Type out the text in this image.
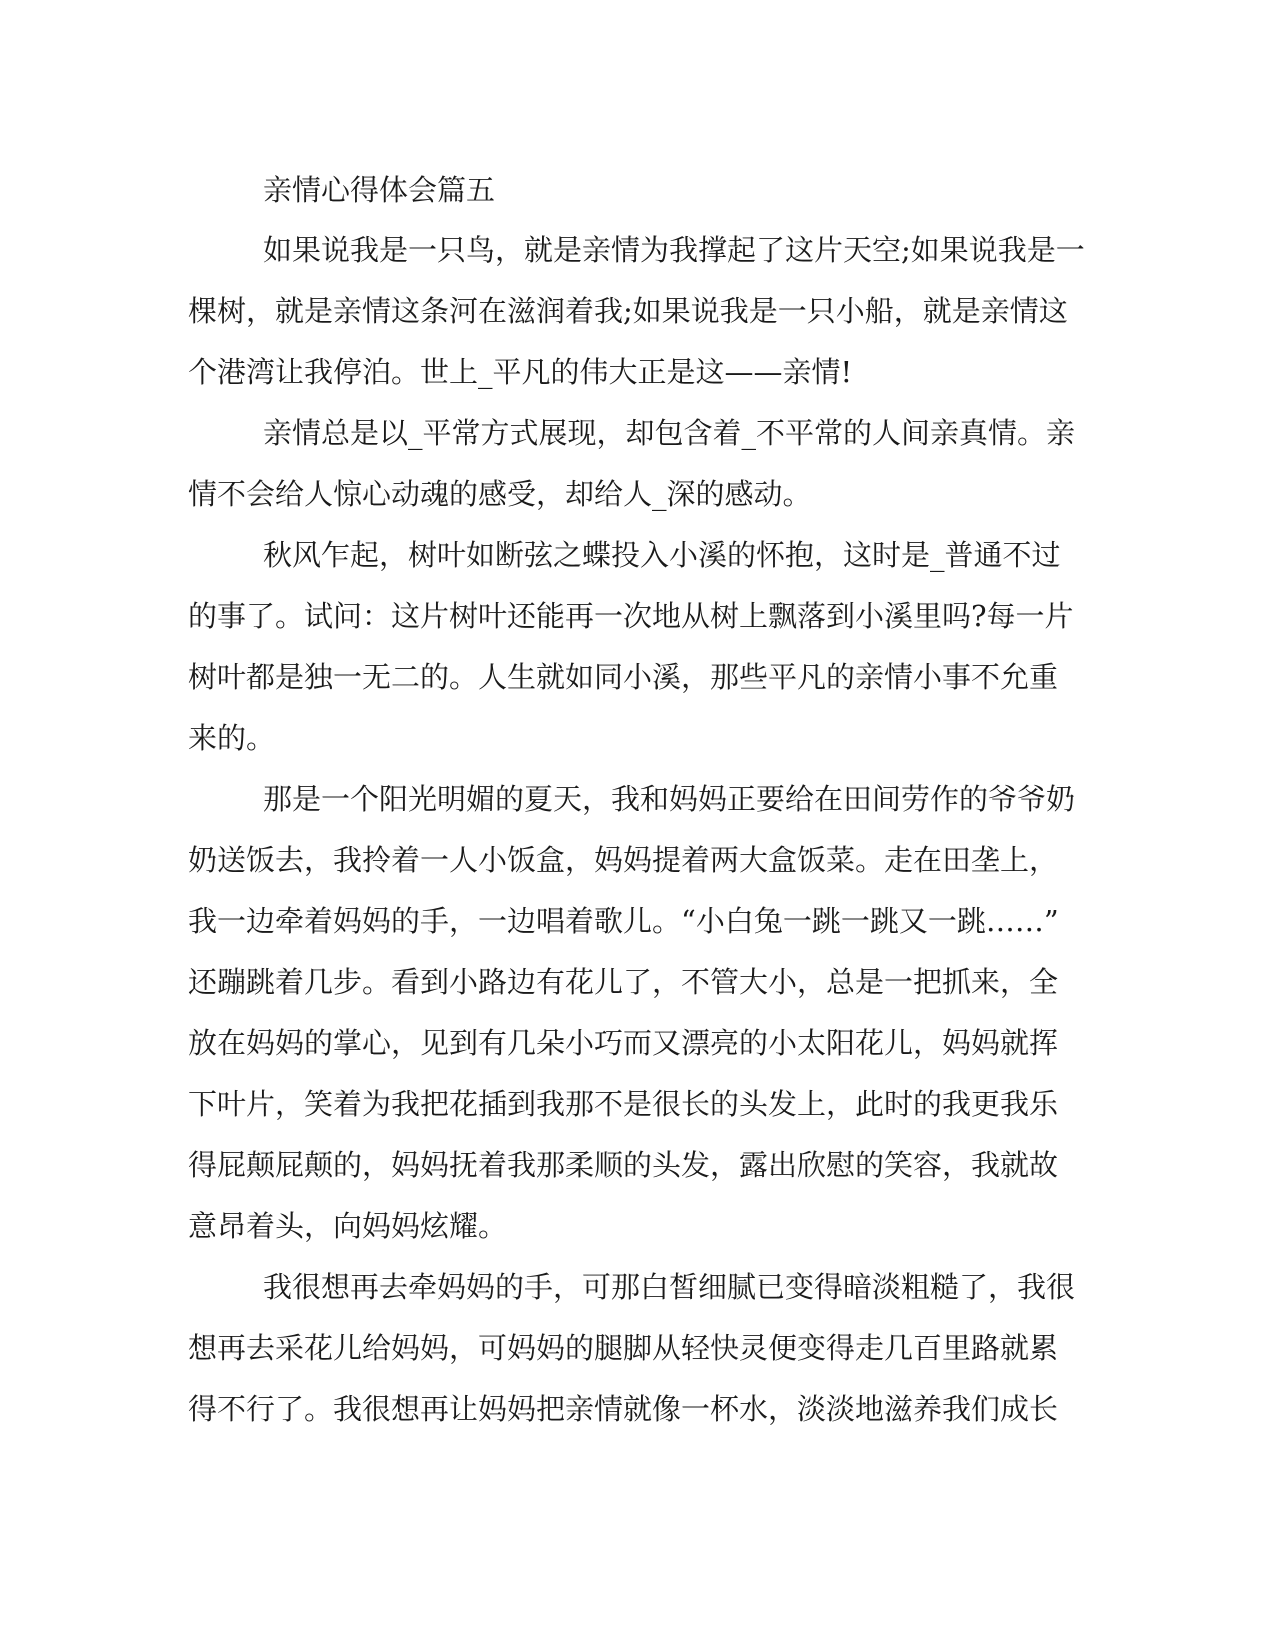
亲情心得体会篇五

如果说我是一只鸟，就是亲情为我撑起了这片天空;如果说我是一
棵树，就是亲情这条河在滋润着我;如果说我是一只小船，就是亲情这
个港湾让我停泊。世上_平凡的伟大正是这——亲情!

亲情总是以_平常方式展现，却包含着_不平常的人间亲真情。亲
情不会给人惊心动魂的感受，却给人_深的感动。

秋风乍起，树叶如断弦之蝶投入小溪的怀抱，这时是_普通不过
的事了。试问：这片树叶还能再一次地从树上飘落到小溪里吗?每一片
树叶都是独一无二的。人生就如同小溪，那些平凡的亲情小事不允重
来的。

那是一个阳光明媚的夏天，我和妈妈正要给在田间劳作的爷爷奶
奶送饭去，我拎着一人小饭盒，妈妈提着两大盒饭菜。走在田垄上，
我一边牵着妈妈的手，一边唱着歌儿。“小白兔一跳一跳又一跳……”
还蹦跳着几步。看到小路边有花儿了，不管大小，总是一把抓来，全
放在妈妈的掌心，见到有几朵小巧而又漂亮的小太阳花儿，妈妈就挥
下叶片，笑着为我把花插到我那不是很长的头发上，此时的我更我乐
得屁颠屁颠的，妈妈抚着我那柔顺的头发，露出欣慰的笑容，我就故
意昂着头，向妈妈炫耀。

我很想再去牵妈妈的手，可那白皙细腻已变得暗淡粗糙了，我很
想再去采花儿给妈妈，可妈妈的腿脚从轻快灵便变得走几百里路就累
得不行了。我很想再让妈妈把亲情就像一杯水，淡淡地滋养我们成长
